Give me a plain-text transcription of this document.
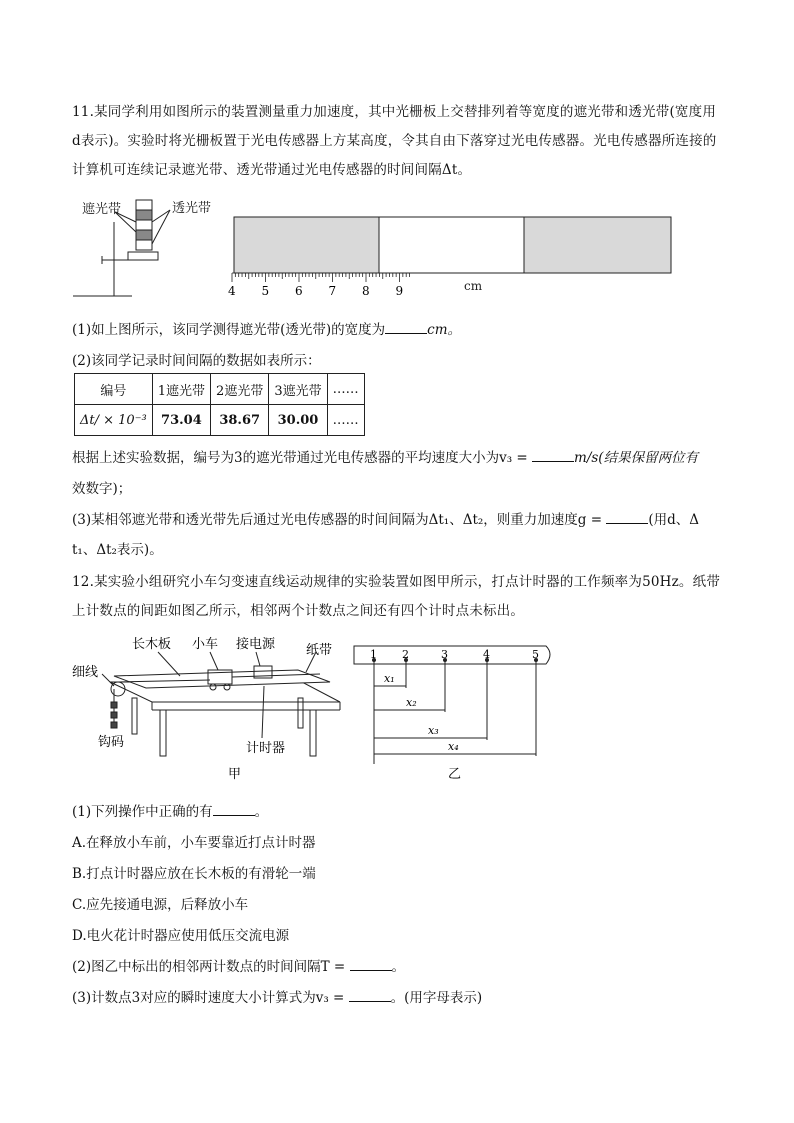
11.某同学利用如图所示的装置测量重力加速度，其中光栅板上交替排列着等宽度的遮光带和透光带(宽度用d表示)。实验时将光栅板置于光电传感器上方某高度，令其自由下落穿过光电传感器。光电传感器所连接的计算机可连续记录遮光带、透光带通过光电传感器的时间间隔Δt。
遮光带	透光带
4 5 6 7 8 9	cm
(1)如上图所示，该同学测得遮光带(透光带)的宽度为	cm。
(2)该同学记录时间间隔的数据如表所示：
编号	1遮光带	2遮光带	3遮光带	……
Δt/ × 10⁻³	73.04	38.67	30.00	……
根据上述实验数据，编号为3的遮光带通过光电传感器的平均速度大小为v₃ =	m/s(结果保留两位有
效数字)；
(3)某相邻遮光带和透光带先后通过光电传感器的时间间隔为Δt₁、Δt₂，则重力加速度g =	(用d、Δ
t₁、Δt₂表示)。
12.某实验小组研究小车匀变速直线运动规律的实验装置如图甲所示，打点计时器的工作频率为50Hz。纸带上计数点的间距如图乙所示，相邻两个计数点之间还有四个计时点未标出。
长木板 小车 接电源 纸带
细线
钩码	计时器
甲
1 2	3	4	5
x₁
x₂
x₃
x₄
乙
(1)下列操作中正确的有	。
A.在释放小车前，小车要靠近打点计时器
B.打点计时器应放在长木板的有滑轮一端
C.应先接通电源，后释放小车
D.电火花计时器应使用低压交流电源
(2)图乙中标出的相邻两计数点的时间间隔T =	。
(3)计数点3对应的瞬时速度大小计算式为v₃ =	。(用字母表示)
